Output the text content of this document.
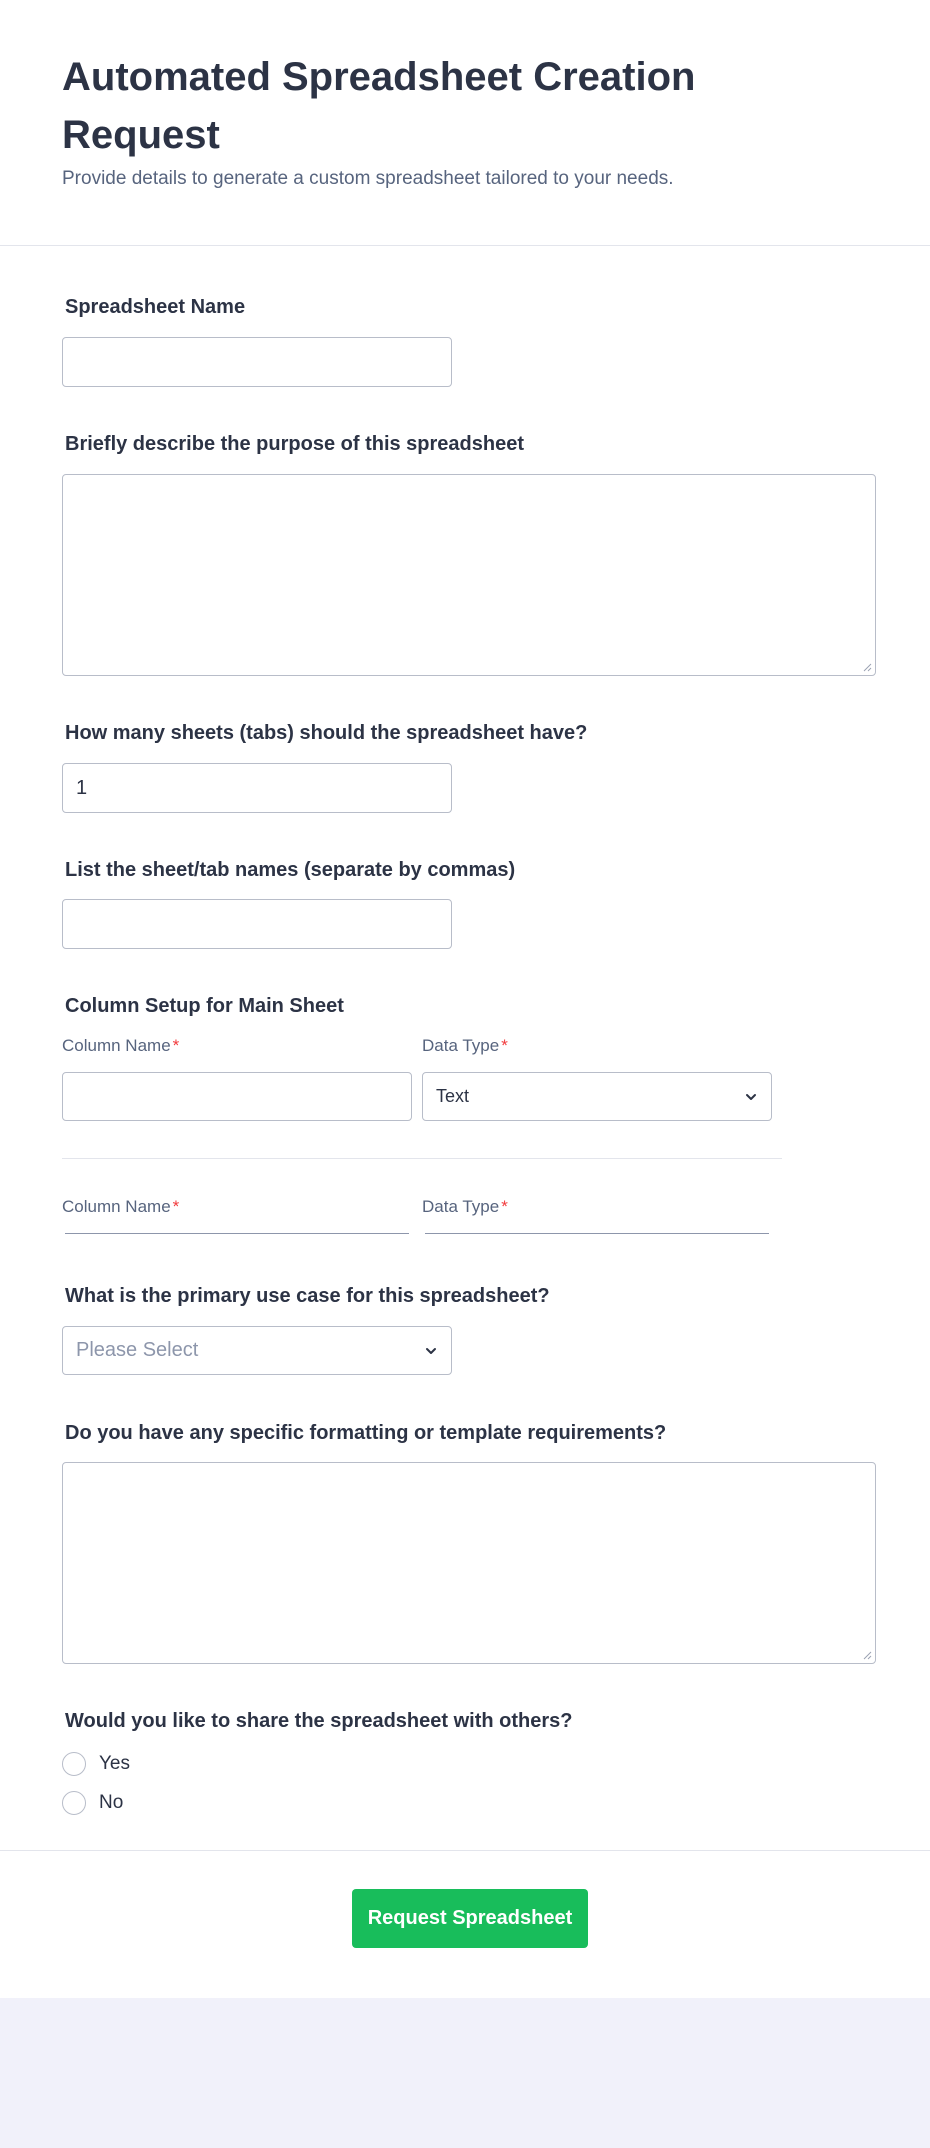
Automated Spreadsheet Creation Request
Provide details to generate a custom spreadsheet tailored to your needs.
Spreadsheet Name
Briefly describe the purpose of this spreadsheet
How many sheets (tabs) should the spreadsheet have?
1
List the sheet/tab names (separate by commas)
Column Setup for Main Sheet
Column Name *	Data Type *
Text
Column Name *	Data Type *
What is the primary use case for this spreadsheet?
Please Select
Do you have any specific formatting or template requirements?
Would you like to share the spreadsheet with others?
Yes
No
Request Spreadsheet
